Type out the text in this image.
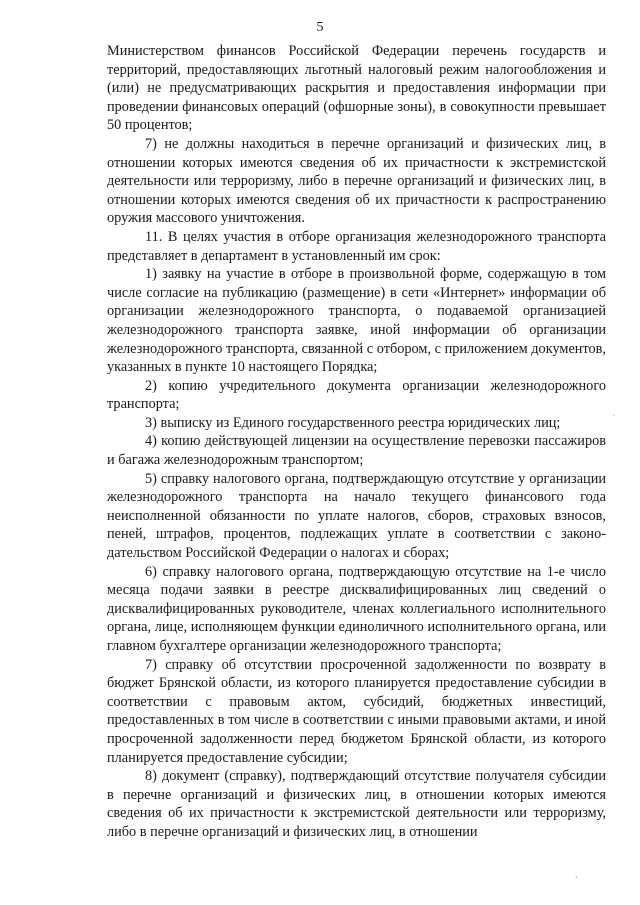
5

Министерством финансов Российской Федерации перечень государств и территорий, предоставляющих льготный налоговый режим налогообложения и (или) не предусматривающих раскрытия и предоставления информации при проведении финансовых операций (офшорные зоны), в совокупности превышает 50 процентов;

7) не должны находиться в перечне организаций и физических лиц, в отношении которых имеются сведения об их причастности к экстремистской деятельности или терроризму, либо в перечне организаций и физических лиц, в отношении которых имеются сведения об их причастности к распространению оружия массового уничтожения.

11. В целях участия в отборе организация железнодорожного транспорта представляет в департамент в установленный им срок:

1) заявку на участие в отборе в произвольной форме, содержащую в том числе согласие на публикацию (размещение) в сети «Интернет» информации об организации железнодорожного транспорта, о подаваемой организацией железнодорожного транспорта заявке, иной информации об организации железнодорожного транспорта, связанной с отбором, с приложением документов, указанных в пункте 10 настоящего Порядка;

2) копию учредительного документа организации железнодорожного транспорта;

3) выписку из Единого государственного реестра юридических лиц;

4) копию действующей лицензии на осуществление перевозки пассажиров и багажа железнодорожным транспортом;

5) справку налогового органа, подтверждающую отсутствие у организации железнодорожного транспорта на начало текущего финансового года неисполненной обязанности по уплате налогов, сборов, страховых взносов, пеней, штрафов, процентов, подлежащих уплате в соответствии с законодательством Российской Федерации о налогах и сборах;

6) справку налогового органа, подтверждающую отсутствие на 1-е число месяца подачи заявки в реестре дисквалифицированных лиц сведений о дисквалифицированных руководителе, членах коллегиального исполнительного органа, лице, исполняющем функции единоличного исполнительного органа, или главном бухгалтере организации железнодорожного транспорта;

7) справку об отсутствии просроченной задолженности по возврату в бюджет Брянской области, из которого планируется предоставление субсидии в соответствии с правовым актом, субсидий, бюджетных инвестиций, предоставленных в том числе в соответствии с иными правовыми актами, и иной просроченной задолженности перед бюджетом Брянской области, из которого планируется предоставление субсидии;

8) документ (справку), подтверждающий отсутствие получателя субсидии в перечне организаций и физических лиц, в отношении которых имеются сведения об их причастности к экстремистской деятельности или терроризму, либо в перечне организаций и физических лиц, в отношении

·
,
